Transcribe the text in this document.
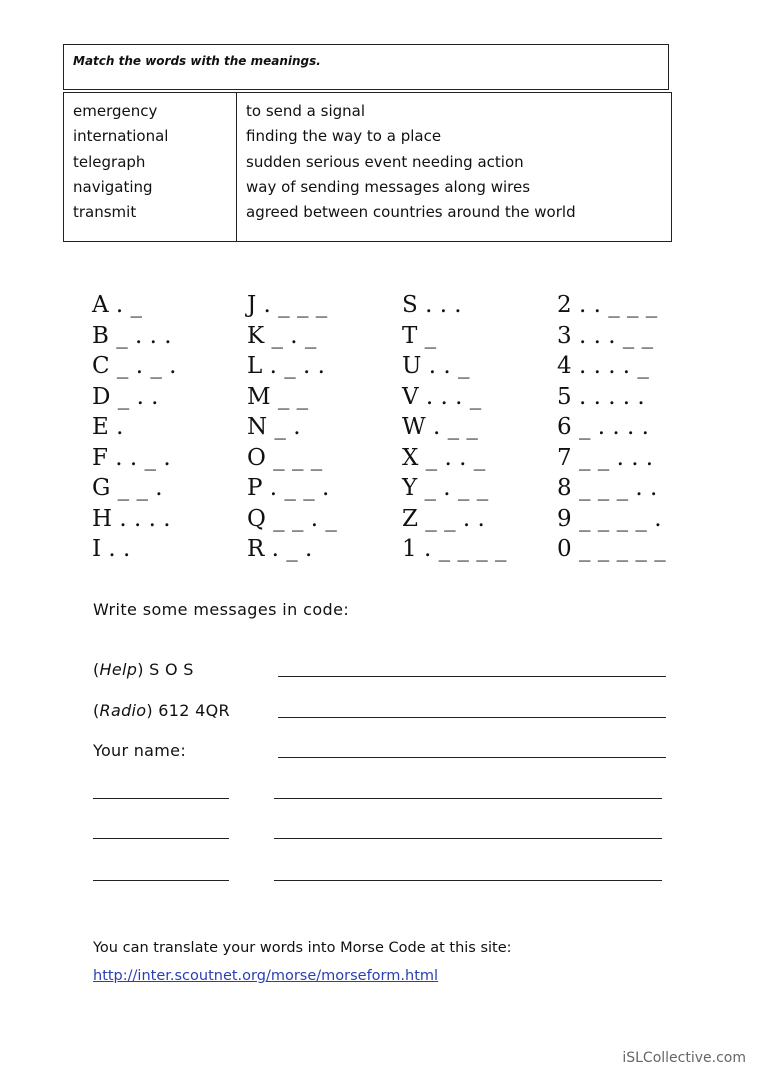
Match the words with the meanings.
emergency
international
telegraph
navigating
transmit
to send a signal
finding the way to a place
sudden serious event needing action
way of sending messages along wires
agreed between countries around the world
A . _
B _ . . .
C _ . _ .
D _ . .
E .
F . . _ .
G _ _ .
H . . . .
I . .
J . _ _ _
K _ . _
L . _ . .
M _ _
N _ .
O _ _ _
P . _ _ .
Q _ _ . _
R . _ .
S . . .
T _
U . . _
V . . . _
W . _ _
X _ . . _
Y _ . _ _
Z _ _ . .
1 . _ _ _ _
2 . . _ _ _
3 . . . _ _
4 . . . . _
5 . . . . .
6 _ . . . .
7 _ _ . . .
8 _ _ _ . .
9 _ _ _ _ .
0 _ _ _ _ _
Write some messages in code:
(Help) S O S
(Radio) 612 4QR
Your name:
You can translate your words into Morse Code at this site:
http://inter.scoutnet.org/morse/morseform.html
iSLCollective.com
